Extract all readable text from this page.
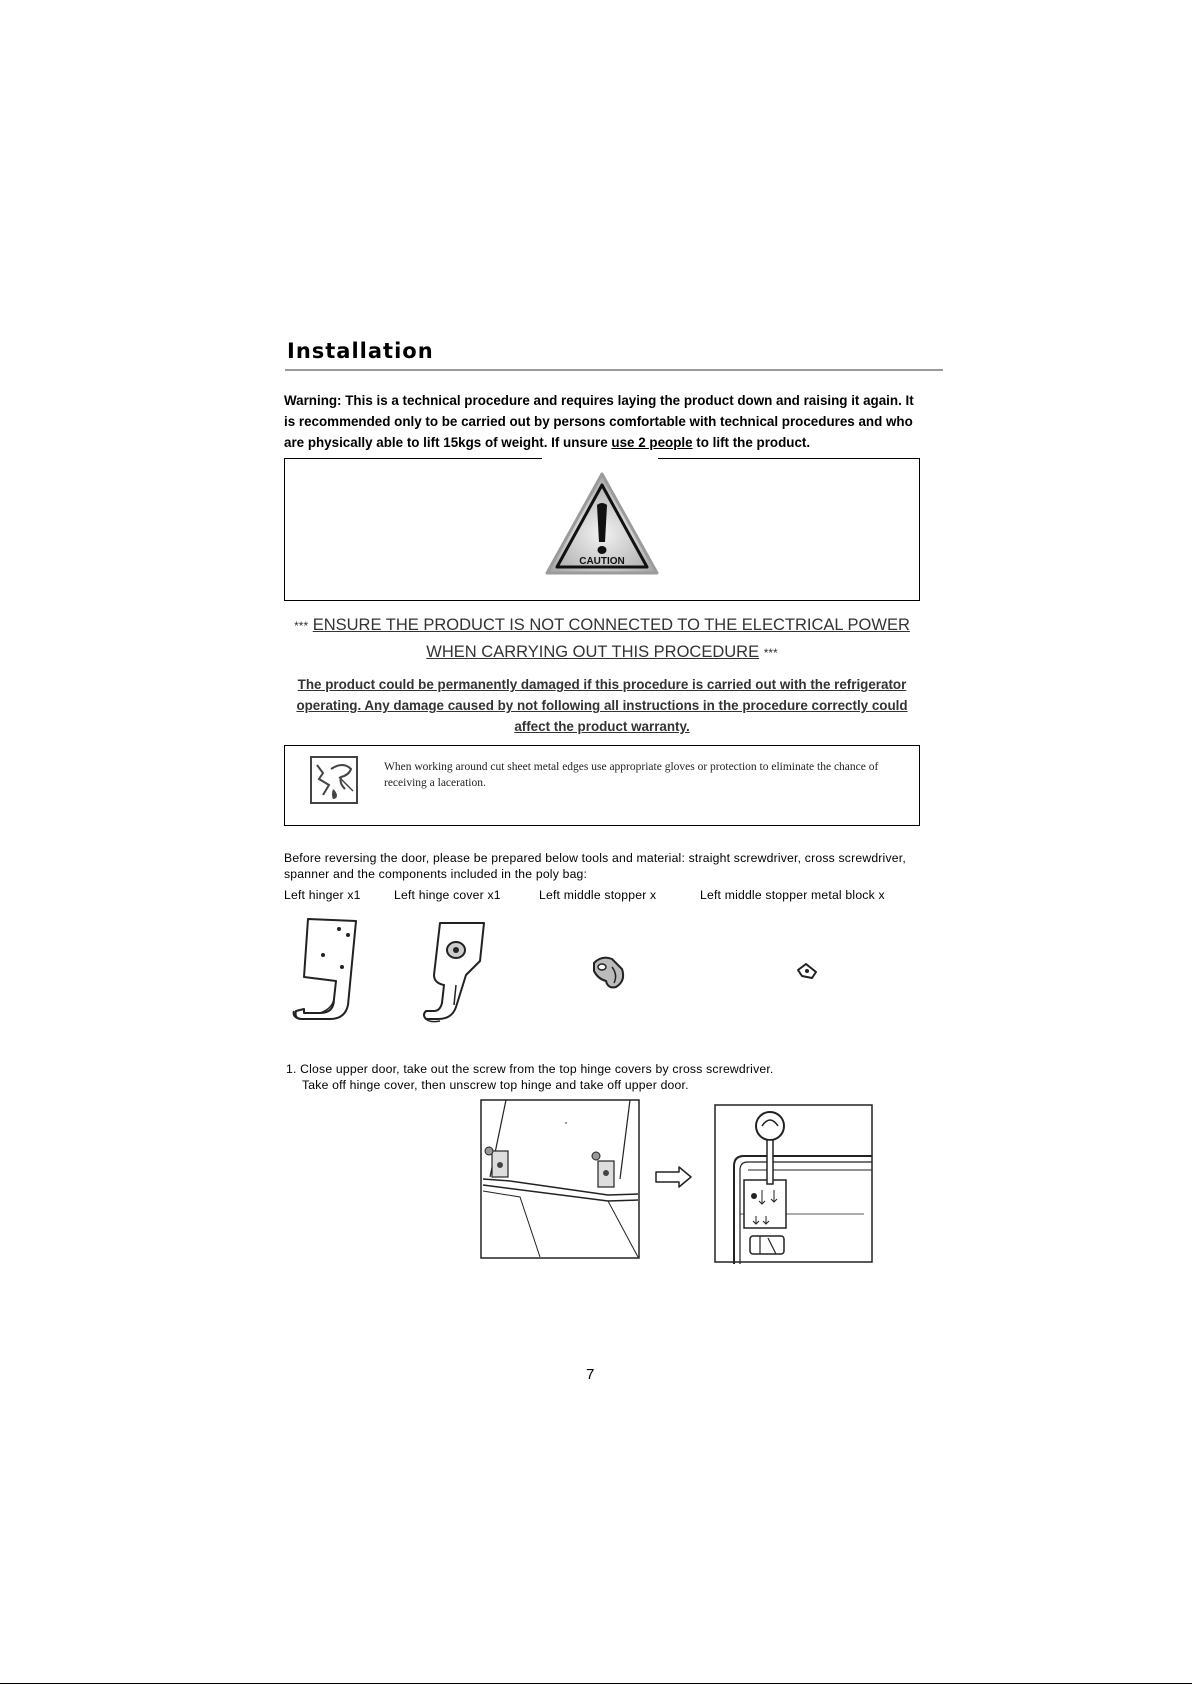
Installation
Warning: This is a technical procedure and requires laying the product down and raising it again. It is recommended only to be carried out by persons comfortable with technical procedures and who are physically able to lift 15kgs of weight. If unsure use 2 people to lift the product.
CAUTION
*** ENSURE THE PRODUCT IS NOT CONNECTED TO THE ELECTRICAL POWER
WHEN CARRYING OUT THIS PROCEDURE ***
The product could be permanently damaged if this procedure is carried out with the refrigerator operating. Any damage caused by not following all instructions in the procedure correctly could affect the product warranty.
When working around cut sheet metal edges use appropriate gloves or protection to eliminate the chance of receiving a laceration.
Before reversing the door, please be prepared below tools and material: straight screwdriver, cross screwdriver, spanner and the components included in the poly bag:
Left hinger x1	Left hinge cover x1	Left middle stopper x	Left middle stopper metal block x
1. Close upper door, take out the screw from the top hinge covers by cross screwdriver.
Take off hinge cover, then unscrew top hinge and take off upper door.
7
